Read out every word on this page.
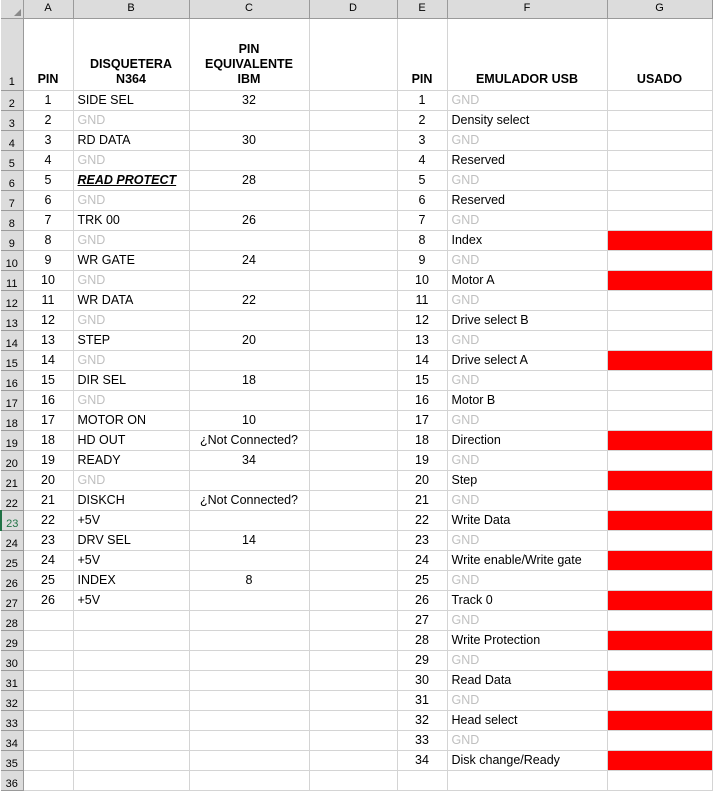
	A	B	C	D	E	F	G
1	PIN	DISQUETERA N364	PIN EQUIVALENTE IBM		PIN	EMULADOR USB	USADO
2	1	SIDE SEL	32		1	GND	
3	2	GND			2	Density select	
4	3	RD DATA	30		3	GND	
5	4	GND			4	Reserved	
6	5	READ PROTECT	28		5	GND	
7	6	GND			6	Reserved	
8	7	TRK 00	26		7	GND	
9	8	GND			8	Index	
10	9	WR GATE	24		9	GND	
11	10	GND			10	Motor A	
12	11	WR DATA	22		11	GND	
13	12	GND			12	Drive select B	
14	13	STEP	20		13	GND	
15	14	GND			14	Drive select A	
16	15	DIR SEL	18		15	GND	
17	16	GND			16	Motor B	
18	17	MOTOR ON	10		17	GND	
19	18	HD OUT	¿Not Connected?		18	Direction	
20	19	READY	34		19	GND	
21	20	GND			20	Step	
22	21	DISKCH	¿Not Connected?		21	GND	
23	22	+5V			22	Write Data	
24	23	DRV SEL	14		23	GND	
25	24	+5V			24	Write enable/Write gate	
26	25	INDEX	8		25	GND	
27	26	+5V			26	Track 0	
28					27	GND	
29					28	Write Protection	
30					29	GND	
31					30	Read Data	
32					31	GND	
33					32	Head select	
34					33	GND	
35					34	Disk change/Ready	
36							
